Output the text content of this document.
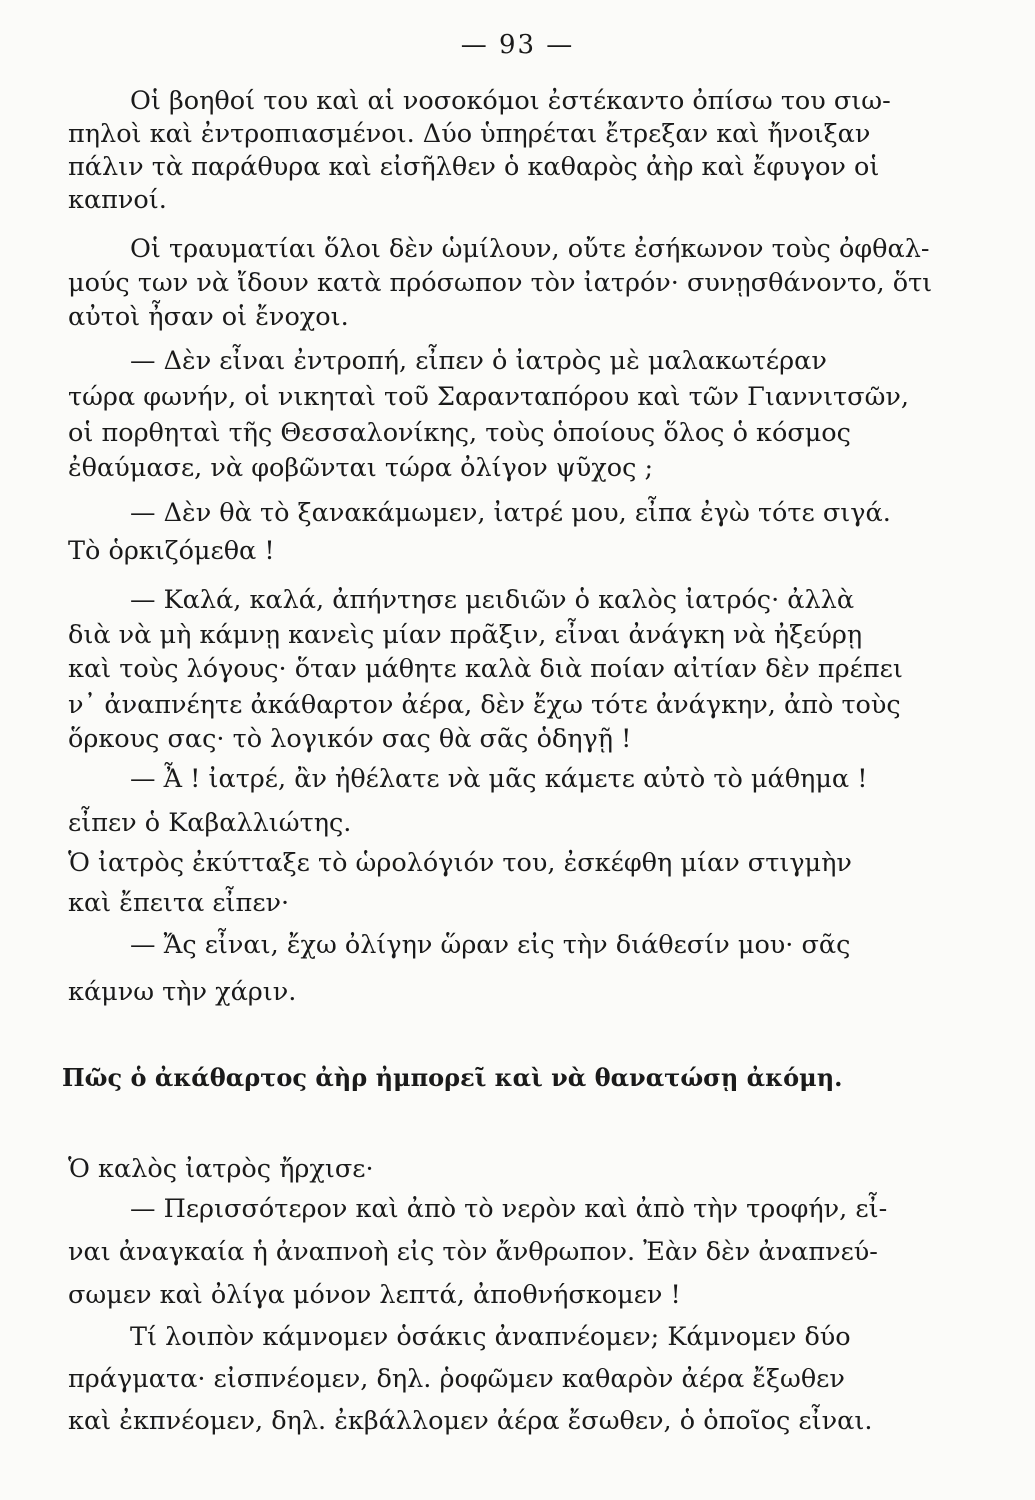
— 93 —
Οἱ βοηθοί του καὶ αἱ νοσοκόμοι ἐστέκαντο ὀπίσω του σιω-
πηλοὶ καὶ ἐντροπιασμένοι. Δύο ὑπηρέται ἔτρεξαν καὶ ἤνοιξαν
πάλιν τὰ παράθυρα καὶ εἰσῆλθεν ὁ καθαρὸς ἀὴρ καὶ ἔφυγον οἱ
καπνοί.
Οἱ τραυματίαι ὅλοι δὲν ὡμίλουν, οὔτε ἐσήκωνον τοὺς ὀφθαλ-
μούς των νὰ ἴδουν κατὰ πρόσωπον τὸν ἰατρόν· συνῃσθάνοντο, ὅτι
αὐτοὶ ἦσαν οἱ ἔνοχοι.
— Δὲν εἶναι ἐντροπή, εἶπεν ὁ ἰατρὸς μὲ μαλακωτέραν
τώρα φωνήν, οἱ νικηταὶ τοῦ Σαρανταπόρου καὶ τῶν Γιαννιτσῶν,
οἱ πορθηταὶ τῆς Θεσσαλονίκης, τοὺς ὁποίους ὅλος ὁ κόσμος
ἐθαύμασε, νὰ φοβῶνται τώρα ὀλίγον ψῦχος ;
— Δὲν θὰ τὸ ξανακάμωμεν, ἰατρέ μου, εἶπα ἐγὼ τότε σιγά.
Τὸ ὁρκιζόμεθα !
— Καλά, καλά, ἀπήντησε μειδιῶν ὁ καλὸς ἰατρός· ἀλλὰ
διὰ νὰ μὴ κάμνῃ κανεὶς μίαν πρᾶξιν, εἶναι ἀνάγκη νὰ ἠξεύρῃ
καὶ τοὺς λόγους· ὅταν μάθητε καλὰ διὰ ποίαν αἰτίαν δὲν πρέπει
ν᾽ ἀναπνέητε ἀκάθαρτον ἀέρα, δὲν ἔχω τότε ἀνάγκην, ἀπὸ τοὺς
ὅρκους σας· τὸ λογικόν σας θὰ σᾶς ὁδηγῇ !
— Ἆ ! ἰατρέ, ἂν ἠθέλατε νὰ μᾶς κάμετε αὐτὸ τὸ μάθημα !
εἶπεν ὁ Καβαλλιώτης.
Ὁ ἰατρὸς ἐκύτταξε τὸ ὡρολόγιόν του, ἐσκέφθη μίαν στιγμὴν
καὶ ἔπειτα εἶπεν·
— Ἄς εἶναι, ἔχω ὀλίγην ὥραν εἰς τὴν διάθεσίν μου· σᾶς
κάμνω τὴν χάριν.
Πῶς ὁ ἀκάθαρτος ἀὴρ ἠμπορεῖ καὶ νὰ θανατώσῃ ἀκόμη.
Ὁ καλὸς ἰατρὸς ἤρχισε·
— Περισσότερον καὶ ἀπὸ τὸ νερὸν καὶ ἀπὸ τὴν τροφήν, εἶ-
ναι ἀναγκαία ἡ ἀναπνοὴ εἰς τὸν ἄνθρωπον. Ἐὰν δὲν ἀναπνεύ-
σωμεν καὶ ὀλίγα μόνον λεπτά, ἀποθνήσκομεν !
Τί λοιπὸν κάμνομεν ὁσάκις ἀναπνέομεν; Κάμνομεν δύο
πράγματα· εἰσπνέομεν, δηλ. ῥοφῶμεν καθαρὸν ἀέρα ἔξωθεν
καὶ ἐκπνέομεν, δηλ. ἐκβάλλομεν ἀέρα ἔσωθεν, ὁ ὁποῖος εἶναι.
